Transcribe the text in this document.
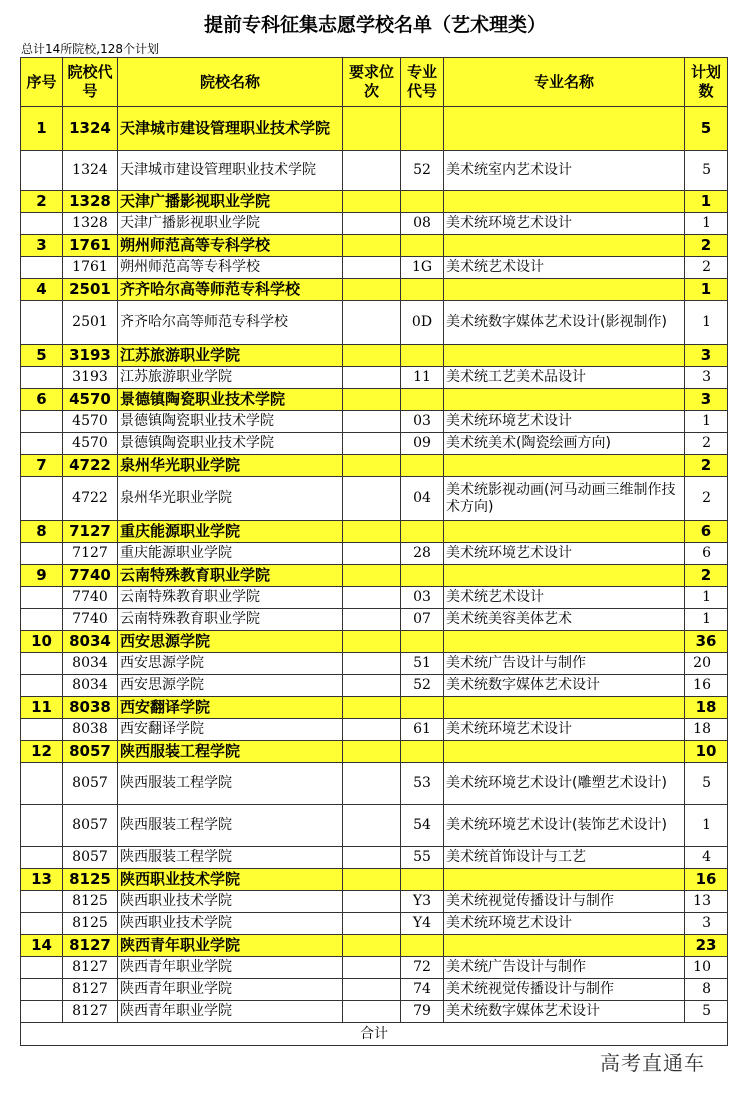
提前专科征集志愿学校名单（艺术理类）
总计14所院校,128个计划
序号	院校代号	院校名称	要求位次	专业代号	专业名称	计划数
1	1324	天津城市建设管理职业技术学院				5
	1324	天津城市建设管理职业技术学院		52	美术统室内艺术设计	5
2	1328	天津广播影视职业学院				1
	1328	天津广播影视职业学院		08	美术统环境艺术设计	1
3	1761	朔州师范高等专科学校				2
	1761	朔州师范高等专科学校		1G	美术统艺术设计	2
4	2501	齐齐哈尔高等师范专科学校				1
	2501	齐齐哈尔高等师范专科学校		0D	美术统数字媒体艺术设计(影视制作)	1
5	3193	江苏旅游职业学院				3
	3193	江苏旅游职业学院		11	美术统工艺美术品设计	3
6	4570	景德镇陶瓷职业技术学院				3
	4570	景德镇陶瓷职业技术学院		03	美术统环境艺术设计	1
	4570	景德镇陶瓷职业技术学院		09	美术统美术(陶瓷绘画方向)	2
7	4722	泉州华光职业学院				2
	4722	泉州华光职业学院		04	美术统影视动画(河马动画三维制作技术方向)	2
8	7127	重庆能源职业学院				6
	7127	重庆能源职业学院		28	美术统环境艺术设计	6
9	7740	云南特殊教育职业学院				2
	7740	云南特殊教育职业学院		03	美术统艺术设计	1
	7740	云南特殊教育职业学院		07	美术统美容美体艺术	1
10	8034	西安思源学院				36
	8034	西安思源学院		51	美术统广告设计与制作	20
	8034	西安思源学院		52	美术统数字媒体艺术设计	16
11	8038	西安翻译学院				18
	8038	西安翻译学院		61	美术统环境艺术设计	18
12	8057	陕西服装工程学院				10
	8057	陕西服装工程学院		53	美术统环境艺术设计(雕塑艺术设计)	5
	8057	陕西服装工程学院		54	美术统环境艺术设计(装饰艺术设计)	1
	8057	陕西服装工程学院		55	美术统首饰设计与工艺	4
13	8125	陕西职业技术学院				16
	8125	陕西职业技术学院		Y3	美术统视觉传播设计与制作	13
	8125	陕西职业技术学院		Y4	美术统环境艺术设计	3
14	8127	陕西青年职业学院				23
	8127	陕西青年职业学院		72	美术统广告设计与制作	10
	8127	陕西青年职业学院		74	美术统视觉传播设计与制作	8
	8127	陕西青年职业学院		79	美术统数字媒体艺术设计	5
合计						
高考直通车
